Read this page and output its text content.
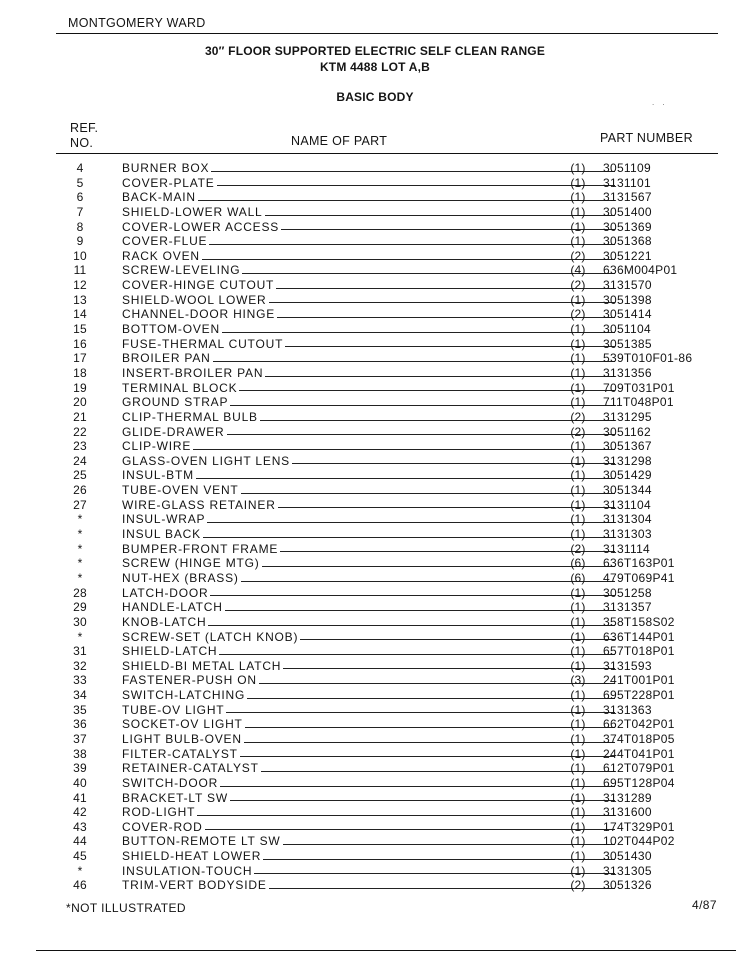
MONTGOMERY WARD
30″ FLOOR SUPPORTED ELECTRIC SELF CLEAN RANGE
KTM 4488 LOT A,B
BASIC BODY	. .
REF.
NO.	NAME OF PART	PART NUMBER
4	BURNER BOX	(1)	3051109
5	COVER-PLATE	(1)	3131101
6	BACK-MAIN	(1)	3131567
7	SHIELD-LOWER WALL	(1)	3051400
8	COVER-LOWER ACCESS	(1)	3051369
9	COVER-FLUE	(1)	3051368
10	RACK OVEN	(2)	3051221
11	SCREW-LEVELING	(4)	636M004P01
12	COVER-HINGE CUTOUT	(2)	3131570
13	SHIELD-WOOL LOWER	(1)	3051398
14	CHANNEL-DOOR HINGE	(2)	3051414
15	BOTTOM-OVEN	(1)	3051104
16	FUSE-THERMAL CUTOUT	(1)	3051385
17	BROILER PAN	(1)	539T010F01-86
18	INSERT-BROILER PAN	(1)	3131356
19	TERMINAL BLOCK	(1)	709T031P01
20	GROUND STRAP	(1)	711T048P01
21	CLIP-THERMAL BULB	(2)	3131295
22	GLIDE-DRAWER	(2)	3051162
23	CLIP-WIRE	(1)	3051367
24	GLASS-OVEN LIGHT LENS	(1)	3131298
25	INSUL-BTM	(1)	3051429
26	TUBE-OVEN VENT	(1)	3051344
27	WIRE-GLASS RETAINER	(1)	3131104
*	INSUL-WRAP	(1)	3131304
*	INSUL BACK	(1)	3131303
*	BUMPER-FRONT FRAME	(2)	3131114
*	SCREW (HINGE MTG)	(6)	636T163P01
*	NUT-HEX (BRASS)	(6)	479T069P41
28	LATCH-DOOR	(1)	3051258
29	HANDLE-LATCH	(1)	3131357
30	KNOB-LATCH	(1)	358T158S02
*	SCREW-SET (LATCH KNOB)	(1)	636T144P01
31	SHIELD-LATCH	(1)	657T018P01
32	SHIELD-BI METAL LATCH	(1)	3131593
33	FASTENER-PUSH ON	(3)	241T001P01
34	SWITCH-LATCHING	(1)	695T228P01
35	TUBE-OV LIGHT	(1)	3131363
36	SOCKET-OV LIGHT	(1)	662T042P01
37	LIGHT BULB-OVEN	(1)	374T018P05
38	FILTER-CATALYST	(1)	244T041P01
39	RETAINER-CATALYST	(1)	612T079P01
40	SWITCH-DOOR	(1)	695T128P04
41	BRACKET-LT SW	(1)	3131289
42	ROD-LIGHT	(1)	3131600
43	COVER-ROD	(1)	174T329P01
44	BUTTON-REMOTE LT SW	(1)	102T044P02
45	SHIELD-HEAT LOWER	(1)	3051430
*	INSULATION-TOUCH	(1)	3131305
46	TRIM-VERT BODYSIDE	(2)	3051326
*NOT ILLUSTRATED	4/87
